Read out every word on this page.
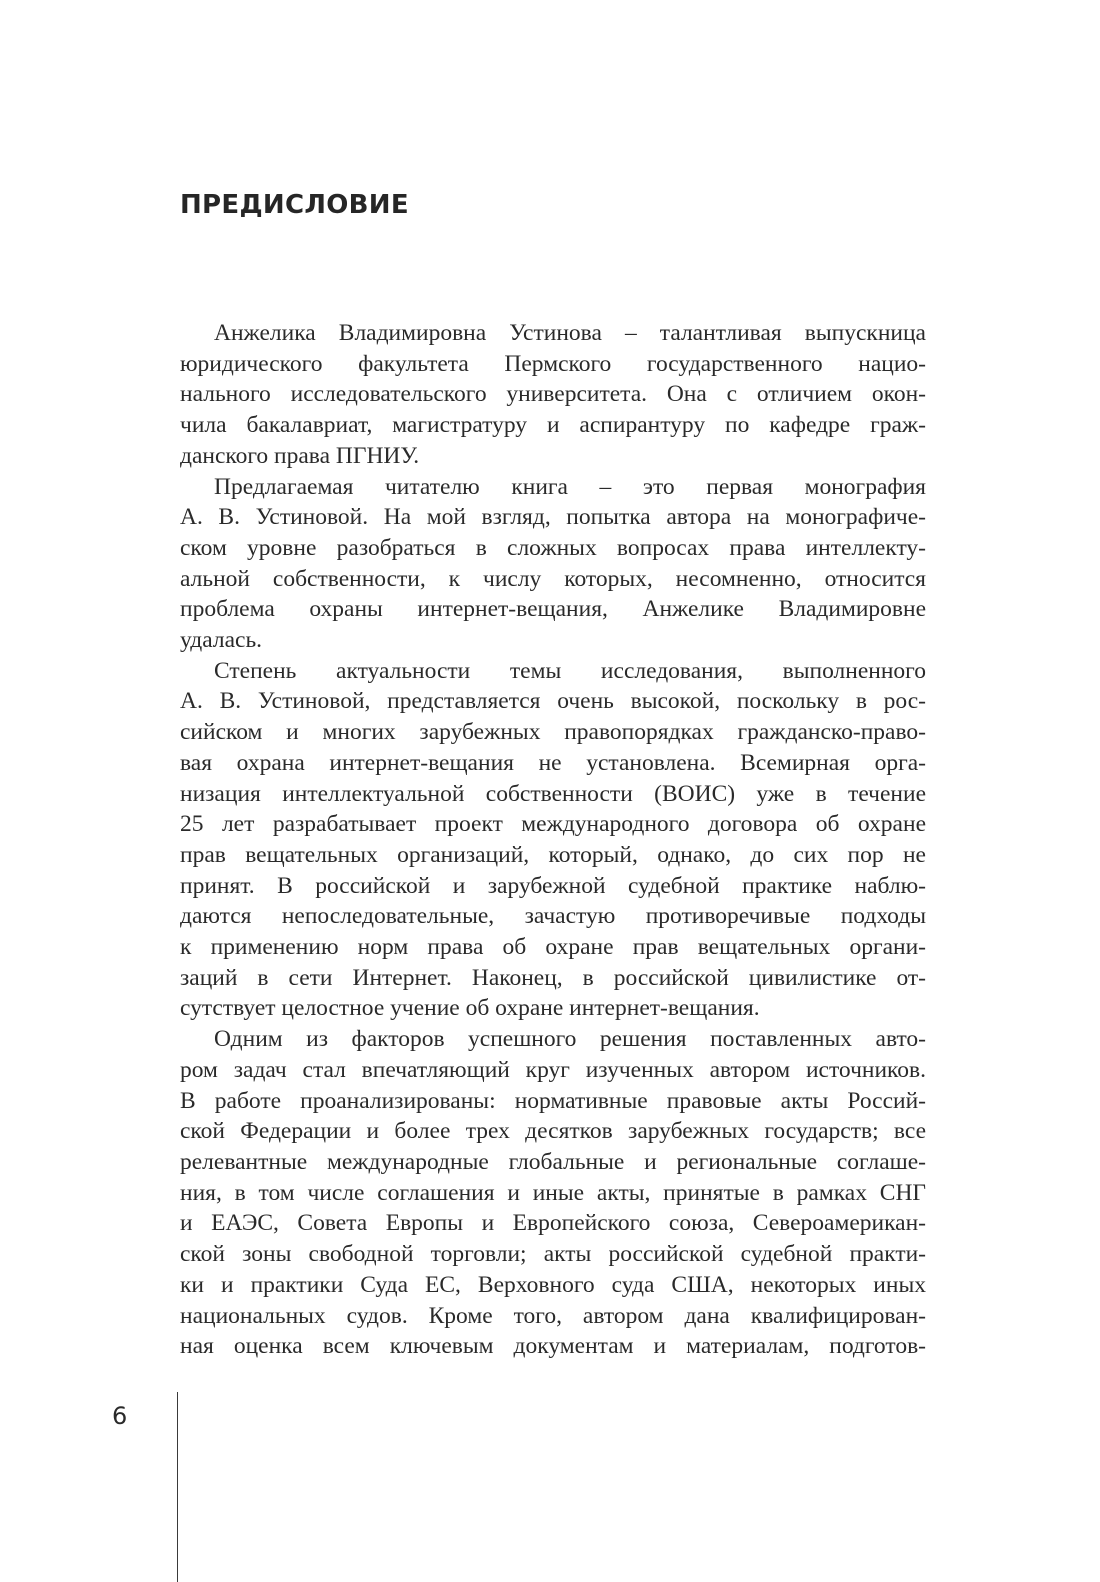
ПРЕДИСЛОВИЕ
Анжелика Владимировна Устинова – талантливая выпускница
юридического факультета Пермского государственного нацио-
нального исследовательского университета. Она с отличием окон-
чила бакалавриат, магистратуру и аспирантуру по кафедре граж-
данского права ПГНИУ.
Предлагаемая читателю книга – это первая монография
А. В. Устиновой. На мой взгляд, попытка автора на монографиче-
ском уровне разобраться в сложных вопросах права интеллекту-
альной собственности, к числу которых, несомненно, относится
проблема охраны интернет-вещания, Анжелике Владимировне
удалась.
Степень актуальности темы исследования, выполненного
А. В. Устиновой, представляется очень высокой, поскольку в рос-
сийском и многих зарубежных правопорядках гражданско-право-
вая охрана интернет-вещания не установлена. Всемирная орга-
низация интеллектуальной собственности (ВОИС) уже в течение
25 лет разрабатывает проект международного договора об охране
прав вещательных организаций, который, однако, до сих пор не
принят. В российской и зарубежной судебной практике наблю-
даются непоследовательные, зачастую противоречивые подходы
к применению норм права об охране прав вещательных органи-
заций в сети Интернет. Наконец, в российской цивилистике от-
сутствует целостное учение об охране интернет-вещания.
Одним из факторов успешного решения поставленных авто-
ром задач стал впечатляющий круг изученных автором источников.
В работе проанализированы: нормативные правовые акты Россий-
ской Федерации и более трех десятков зарубежных государств; все
релевантные международные глобальные и региональные соглаше-
ния, в том числе соглашения и иные акты, принятые в рамках СНГ
и ЕАЭС, Совета Европы и Европейского союза, Североамерикан-
ской зоны свободной торговли; акты российской судебной практи-
ки и практики Суда ЕС, Верховного суда США, некоторых иных
национальных судов. Кроме того, автором дана квалифицирован-
ная оценка всем ключевым документам и материалам, подготов-
6
